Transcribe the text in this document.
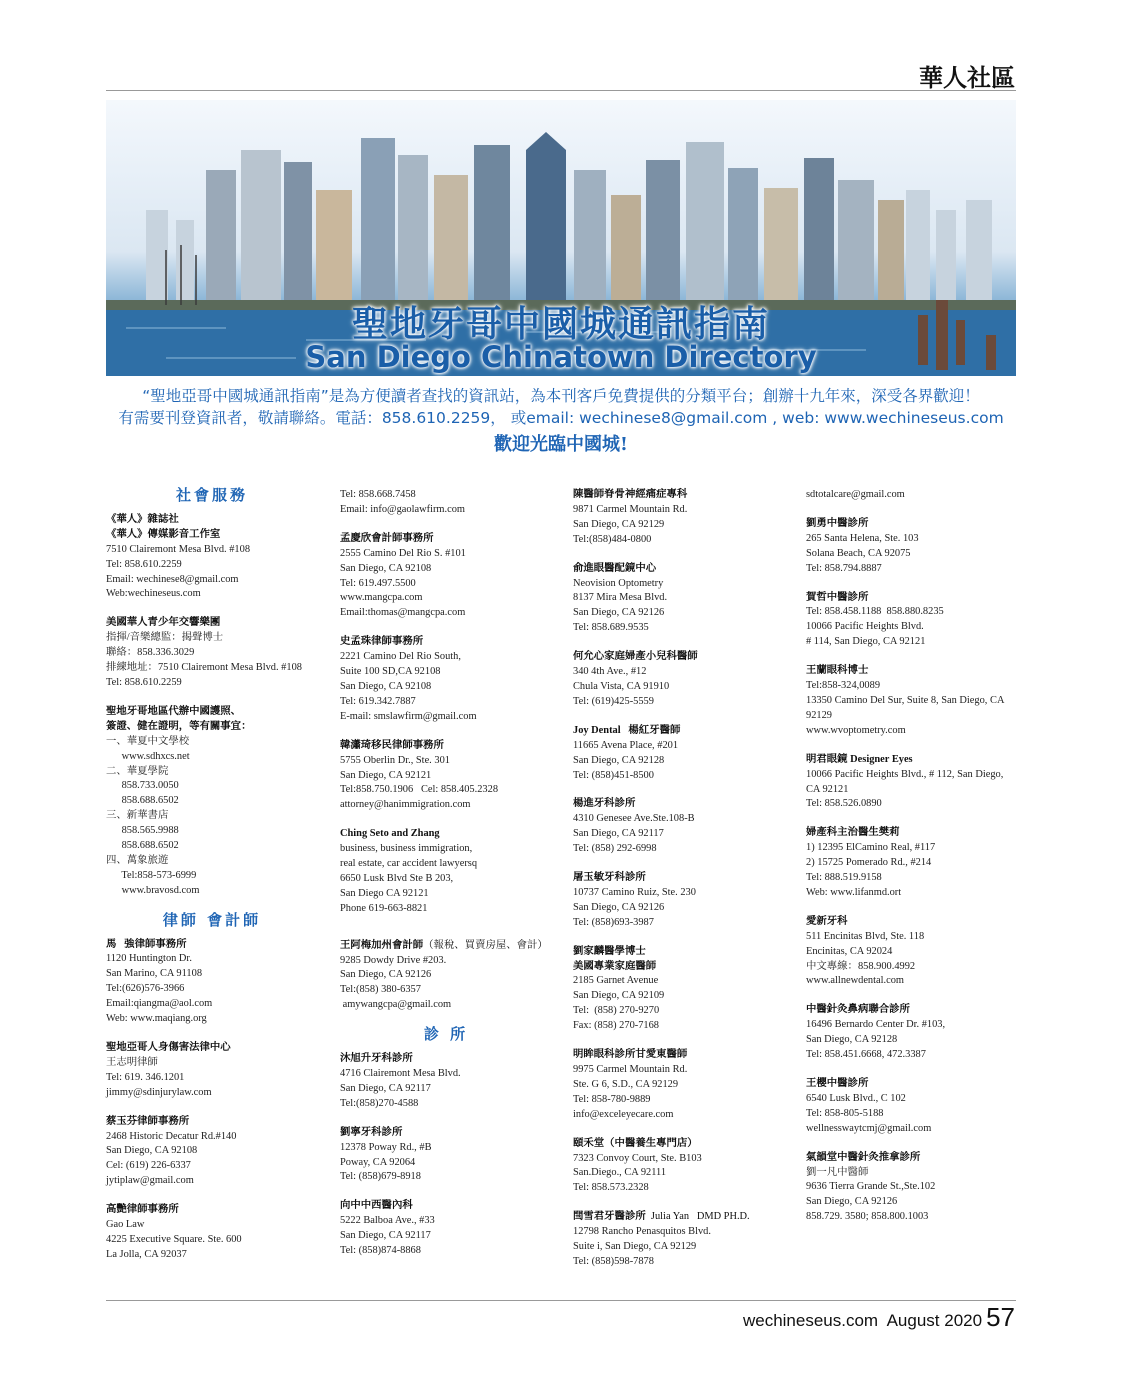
華人社區
聖地牙哥中國城通訊指南
San Diego Chinatown Directory
“聖地亞哥中國城通訊指南”是為方便讀者查找的資訊站，為本刊客戶免費提供的分類平台；創辦十九年來，深受各界歡迎！
有需要刊登資訊者，敬請聯絡。電話：858.610.2259， 或email: wechinese8@gmail.com , web: www.wechineseus.com
歡迎光臨中國城!
社會服務
《華人》雜誌社
《華人》傳媒影音工作室
7510 Clairemont Mesa Blvd. #108
Tel: 858.610.2259
Email: wechinese8@gmail.com
Web:wechineseus.com
美國華人青少年交響樂團
指揮/音樂總監：揭聲博士
聯絡：858.336.3029
排練地址：7510 Clairemont Mesa Blvd. #108
Tel: 858.610.2259
聖地牙哥地區代辦中國護照、
簽證、健在證明，等有關事宜：
一、華夏中文學校
www.sdhxcs.net
二、華夏學院
858.733.0050
858.688.6502
三、新華書店
858.565.9988
858.688.6502
四、萬象旅遊
Tel:858-573-6999
www.bravosd.com
律師 會計師
馬   強律師事務所
1120 Huntington Dr.
San Marino, CA 91108
Tel:(626)576-3966
Email:qiangma@aol.com
Web: www.maqiang.org
聖地亞哥人身傷害法律中心
王志明律師
Tel: 619. 346.1201
jimmy@sdinjurylaw.com
蔡玉芬律師事務所
2468 Historic Decatur Rd.#140
San Diego, CA 92108
Cel: (619) 226-6337
jytiplaw@gmail.com
高艷律師事務所
Gao Law
4225 Executive Square. Ste. 600
La Jolla, CA 92037
Tel: 858.668.7458
Email: info@gaolawfirm.com
孟慶欣會計師事務所
2555 Camino Del Rio S. #101
San Diego, CA 92108
Tel: 619.497.5500
www.mangcpa.com
Email:thomas@mangcpa.com
史孟珠律師事務所
2221 Camino Del Rio South,
Suite 100 SD,CA 92108
San Diego, CA 92108
Tel: 619.342.7887
E-mail: smslawfirm@gmail.com
韓瀟琦移民律師事務所
5755 Oberlin Dr., Ste. 301
San Diego, CA 92121
Tel:858.750.1906   Cel: 858.405.2328
attorney@hanimmigration.com
Ching Seto and Zhang
business, business immigration,
real estate, car accident lawyersq
6650 Lusk Blvd Ste B 203,
San Diego CA 92121
Phone 619-663-8821
王阿梅加州會計師（報稅、買賣房屋、會計）
9285 Dowdy Drive #203.
San Diego, CA 92126
Tel:(858) 380-6357
amywangcpa@gmail.com
診 所
沐旭升牙科診所
4716 Clairemont Mesa Blvd.
San Diego, CA 92117
Tel:(858)270-4588
劉寧牙科診所
12378 Poway Rd., #B
Poway, CA 92064
Tel: (858)679-8918
向中中西醫內科
5222 Balboa Ave., #33
San Diego, CA 92117
Tel: (858)874-8868
陳醫師脊骨神經痛症專科
9871 Carmel Mountain Rd.
San Diego, CA 92129
Tel:(858)484-0800
俞進眼醫配鏡中心
Neovision Optometry
8137 Mira Mesa Blvd.
San Diego, CA 92126
Tel: 858.689.9535
何允心家庭婦產小兒科醫師
340 4th Ave., #12
Chula Vista, CA 91910
Tel: (619)425-5559
Joy Dental   楊紅牙醫師
11665 Avena Place, #201
San Diego, CA 92128
Tel: (858)451-8500
楊進牙科診所
4310 Genesee Ave.Ste.108-B
San Diego, CA 92117
Tel: (858) 292-6998
屠玉敏牙科診所
10737 Camino Ruiz, Ste. 230
San Diego, CA 92126
Tel: (858)693-3987
劉家麟醫學博士
美國專業家庭醫師
2185 Garnet Avenue
San Diego, CA 92109
Tel:  (858) 270-9270
Fax: (858) 270-7168
明眸眼科診所甘愛東醫師
9975 Carmel Mountain Rd.
Ste. G 6, S.D., CA 92129
Tel: 858-780-9889
info@exceleyecare.com
頤禾堂（中醫養生專門店）
7323 Convoy Court, Ste. B103
San.Diego., CA 92111
Tel: 858.573.2328
閆雪君牙醫診所  Julia Yan   DMD PH.D.
12798 Rancho Penasquitos Blvd.
Suite i, San Diego, CA 92129
Tel: (858)598-7878
sdtotalcare@gmail.com
劉勇中醫診所
265 Santa Helena, Ste. 103
Solana Beach, CA 92075
Tel: 858.794.8887
賀哲中醫診所
Tel: 858.458.1188  858.880.8235
10066 Pacific Heights Blvd.
# 114, San Diego, CA 92121
王蘭眼科博士
Tel:858-324,0089
13350 Camino Del Sur, Suite 8, San Diego, CA 92129
www.wvoptometry.com
明君眼鏡 Designer Eyes
10066 Pacific Heights Blvd., # 112, San Diego, CA 92121
Tel: 858.526.0890
婦產科主治醫生樊莉
1) 12395 ElCamino Real, #117
2) 15725 Pomerado Rd., #214
Tel: 888.519.9158
Web: www.lifanmd.ort
愛新牙科
511 Encinitas Blvd, Ste. 118
Encinitas, CA 92024
中文專線：858.900.4992
www.allnewdental.com
中醫針灸鼻病聯合診所
16496 Bernardo Center Dr. #103,
San Diego, CA 92128
Tel: 858.451.6668, 472.3387
王櫻中醫診所
6540 Lusk Blvd., C 102
Tel: 858-805-5188
wellnesswaytcmj@gmail.com
氣韻堂中醫針灸推拿診所
劉一凡中醫師
9636 Tierra Grande St.,Ste.102
San Diego, CA 92126
858.729. 3580; 858.800.1003
wechineseus.com  August 2020 57
